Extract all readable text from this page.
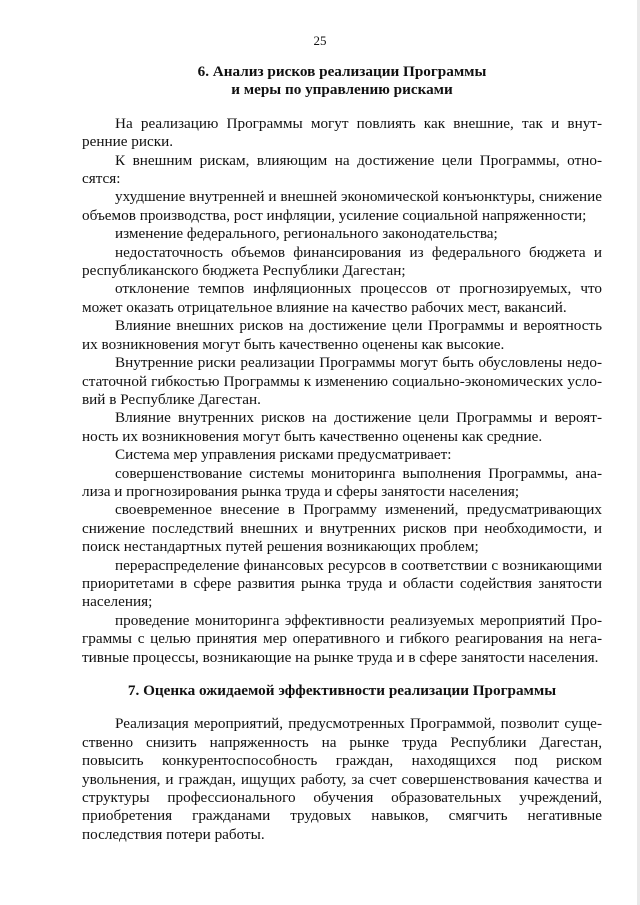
25
6. Анализ рисков реализации Программы
и меры по управлению рисками

На реализацию Программы могут повлиять как внешние, так и внутренние риски.

К внешним рискам, влияющим на достижение цели Программы, относятся:

ухудшение внутренней и внешней экономической конъюнктуры, снижение объемов производства, рост инфляции, усиление социальной напряженности;

изменение федерального, регионального законодательства;

недостаточность объемов финансирования из федерального бюджета и республиканского бюджета Республики Дагестан;

отклонение темпов инфляционных процессов от прогнозируемых, что может оказать отрицательное влияние на качество рабочих мест, вакансий.

Влияние внешних рисков на достижение цели Программы и вероятность их возникновения могут быть качественно оценены как высокие.

Внутренние риски реализации Программы могут быть обусловлены недостаточной гибкостью Программы к изменению социально-экономических условий в Республике Дагестан.

Влияние внутренних рисков на достижение цели Программы и вероятность их возникновения могут быть качественно оценены как средние.

Система мер управления рисками предусматривает:

совершенствование системы мониторинга выполнения Программы, анализа и прогнозирования рынка труда и сферы занятости населения;

своевременное внесение в Программу изменений, предусматривающих снижение последствий внешних и внутренних рисков при необходимости, и поиск нестандартных путей решения возникающих проблем;

перераспределение финансовых ресурсов в соответствии с возникающими приоритетами в сфере развития рынка труда и области содействия занятости населения;

проведение мониторинга эффективности реализуемых мероприятий Программы с целью принятия мер оперативного и гибкого реагирования на негативные процессы, возникающие на рынке труда и в сфере занятости населения.

7. Оценка ожидаемой эффективности реализации Программы

Реализация мероприятий, предусмотренных Программой, позволит существенно снизить напряженность на рынке труда Республики Дагестан, повысить конкурентоспособность граждан, находящихся под риском увольнения, и граждан, ищущих работу, за счет совершенствования качества и структуры профессионального обучения образовательных учреждений, приобретения гражданами трудовых навыков, смягчить негативные последствия потери работы.
